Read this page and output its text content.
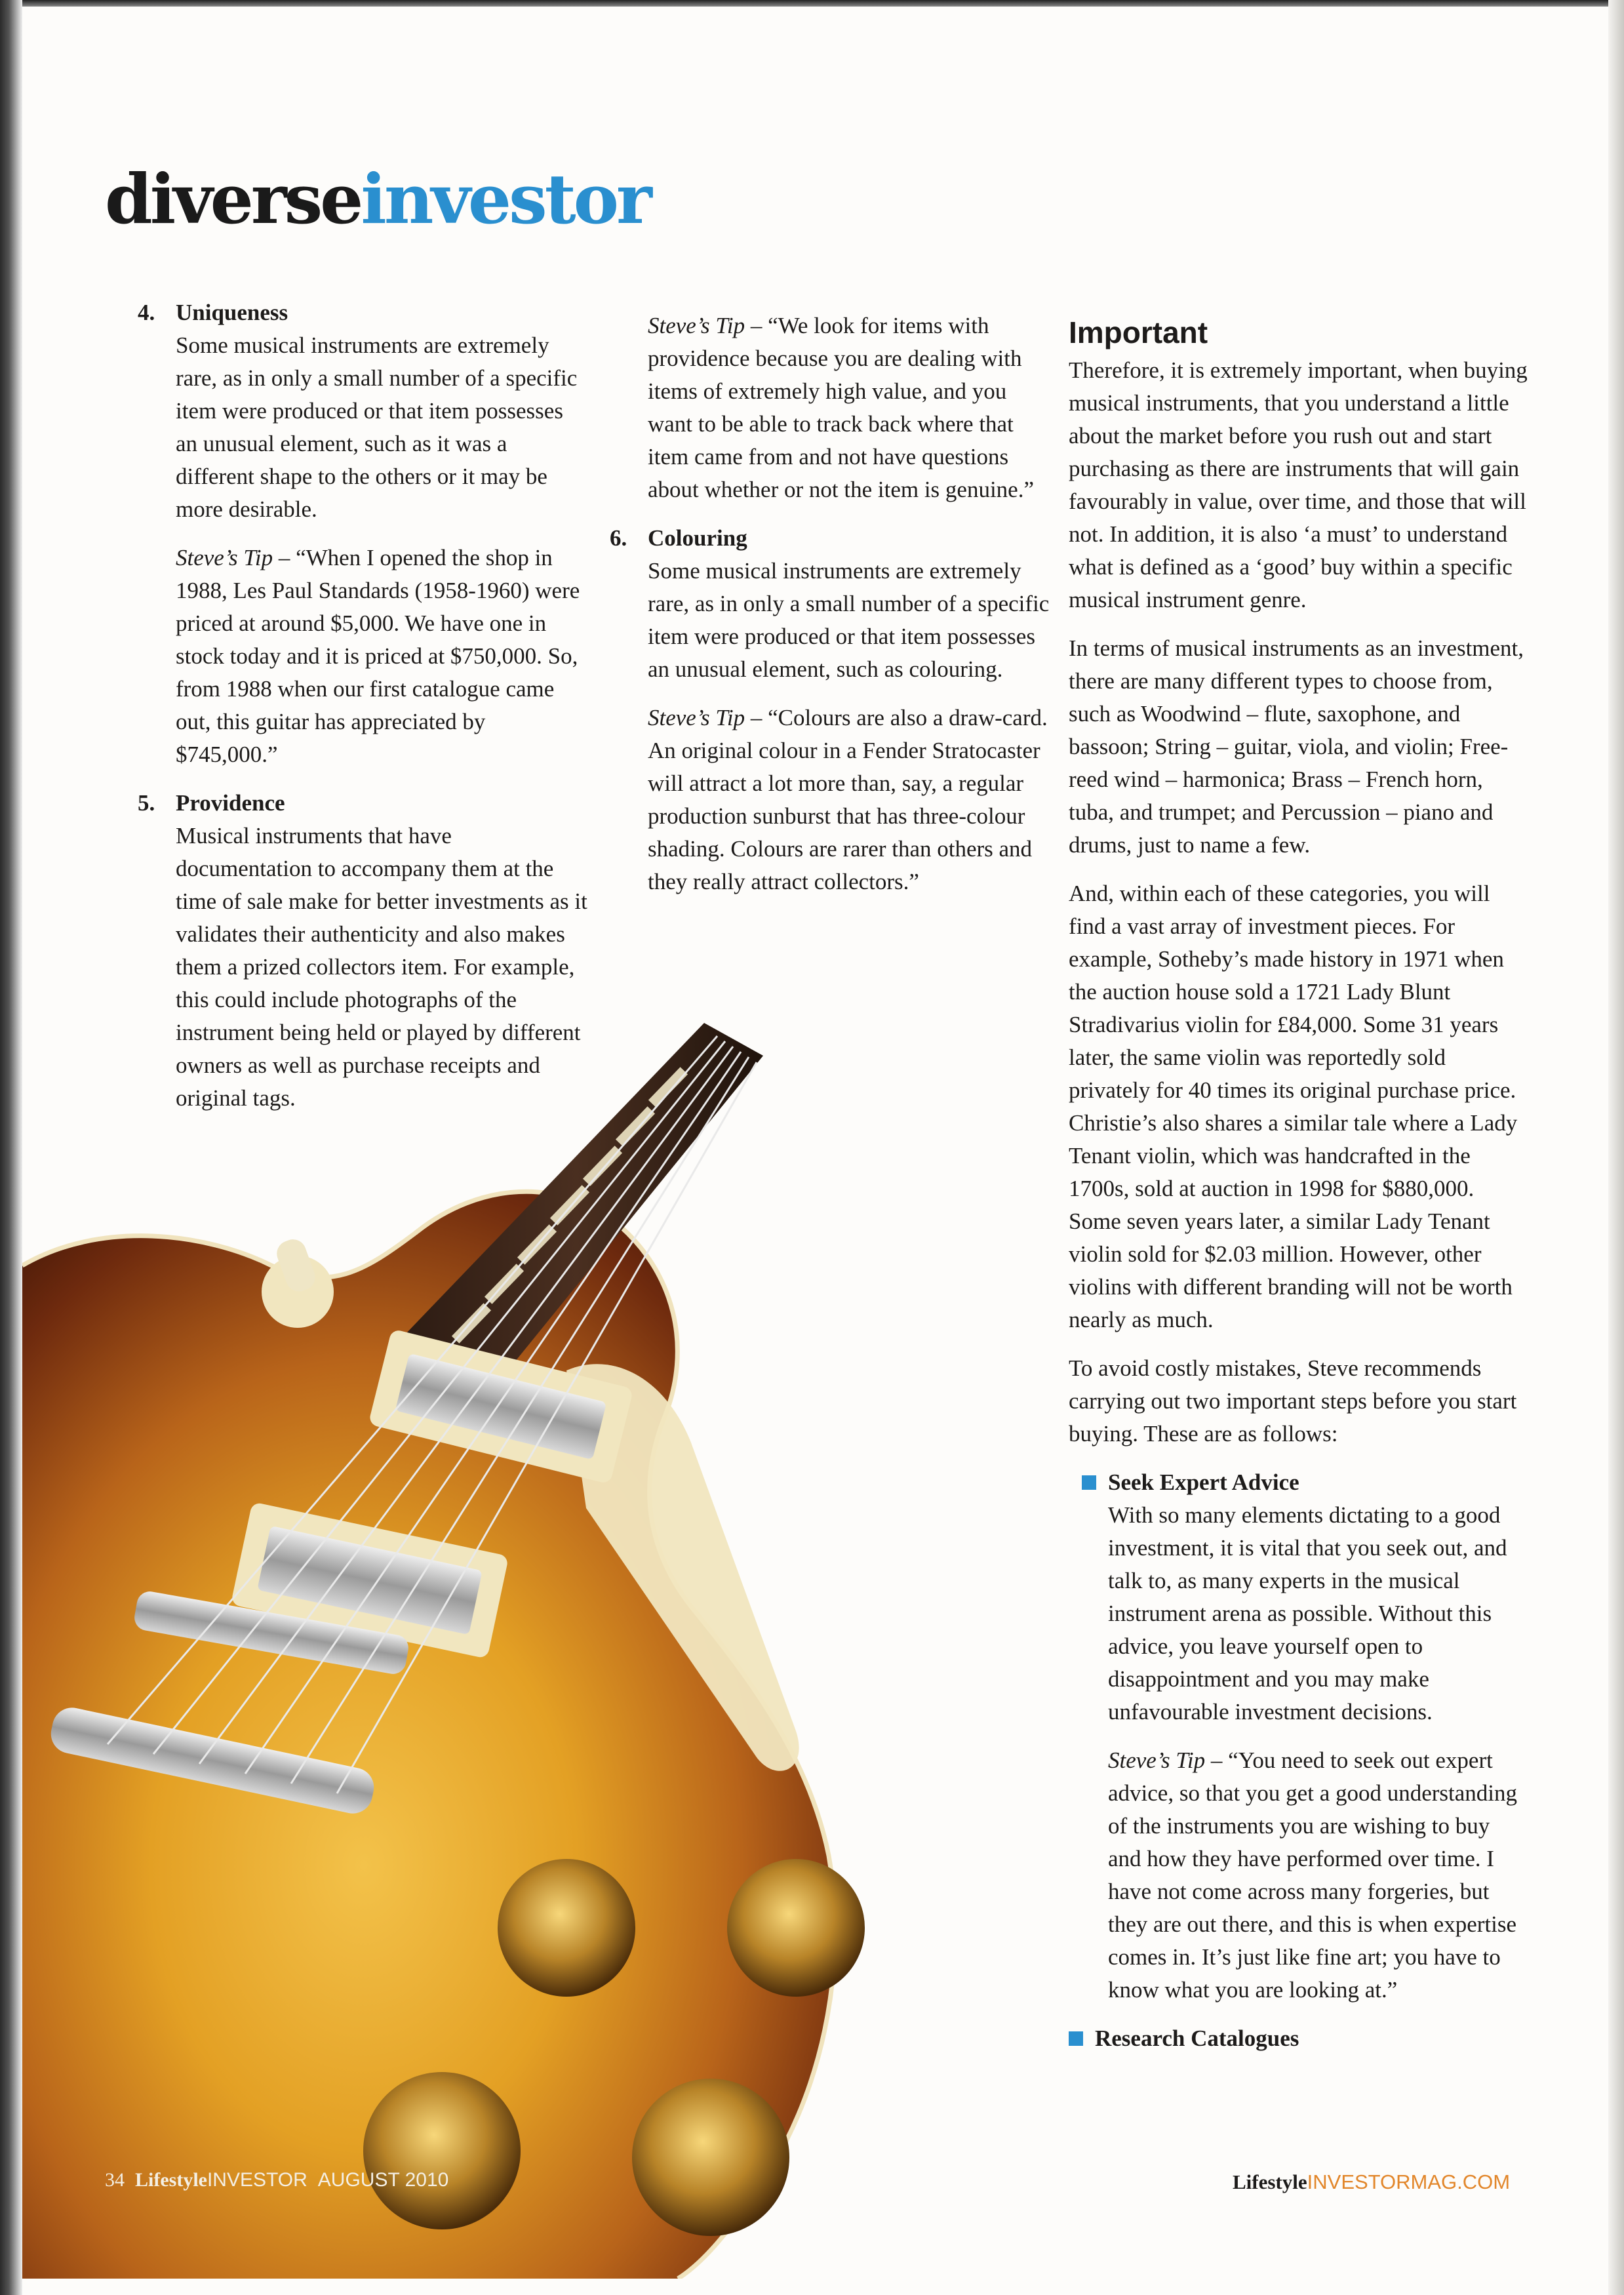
diverseinvestor
4. Uniqueness

Some musical instruments are extremely rare, as in only a small number of a specific item were produced or that item possesses an unusual element, such as it was a different shape to the others or it may be more desirable.

Steve’s Tip – “When I opened the shop in 1988, Les Paul Standards (1958-1960) were priced at around $5,000. We have one in stock today and it is priced at $750,000. So, from 1988 when our first catalogue came out, this guitar has appreciated by $745,000.”

5. Providence

Musical instruments that have documentation to accompany them at the time of sale make for better investments as it validates their authenticity and also makes them a prized collectors item. For example, this could include photographs of the instrument being held or played by different owners as well as purchase receipts and original tags.

Steve’s Tip – “We look for items with providence because you are dealing with items of extremely high value, and you want to be able to track back where that item came from and not have questions about whether or not the item is genuine.”

6. Colouring

Some musical instruments are extremely rare, as in only a small number of a specific item were produced or that item possesses an unusual element, such as colouring.

Steve’s Tip – “Colours are also a draw-card. An original colour in a Fender Stratocaster will attract a lot more than, say, a regular production sunburst that has three-colour shading. Colours are rarer than others and they really attract collectors.”

Important

Therefore, it is extremely important, when buying musical instruments, that you understand a little about the market before you rush out and start purchasing as there are instruments that will gain favourably in value, over time, and those that will not. In addition, it is also ‘a must’ to understand what is defined as a ‘good’ buy within a specific musical instrument genre.

In terms of musical instruments as an investment, there are many different types to choose from, such as Woodwind – flute, saxophone, and bassoon; String – guitar, viola, and violin; Free-reed wind – harmonica; Brass – French horn, tuba, and trumpet; and Percussion – piano and drums, just to name a few.

And, within each of these categories, you will find a vast array of investment pieces. For example, Sotheby’s made history in 1971 when the auction house sold a 1721 Lady Blunt Stradivarius violin for £84,000. Some 31 years later, the same violin was reportedly sold privately for 40 times its original purchase price. Christie’s also shares a similar tale where a Lady Tenant violin, which was handcrafted in the 1700s, sold at auction in 1998 for $880,000. Some seven years later, a similar Lady Tenant violin sold for $2.03 million. However, other violins with different branding will not be worth nearly as much.

To avoid costly mistakes, Steve recommends carrying out two important steps before you start buying. These are as follows:

Seek Expert Advice

With so many elements dictating to a good investment, it is vital that you seek out, and talk to, as many experts in the musical instrument arena as possible. Without this advice, you leave yourself open to disappointment and you may make unfavourable investment decisions.

Steve’s Tip – “You need to seek out expert advice, so that you get a good understanding of the instruments you are wishing to buy and how they have performed over time. I have not come across many forgeries, but they are out there, and this is when expertise comes in. It’s just like fine art; you have to know what you are looking at.”

Research Catalogues
34 LifestyleINVESTOR AUGUST 2010	LifestyleINVESTORMAG.COM
